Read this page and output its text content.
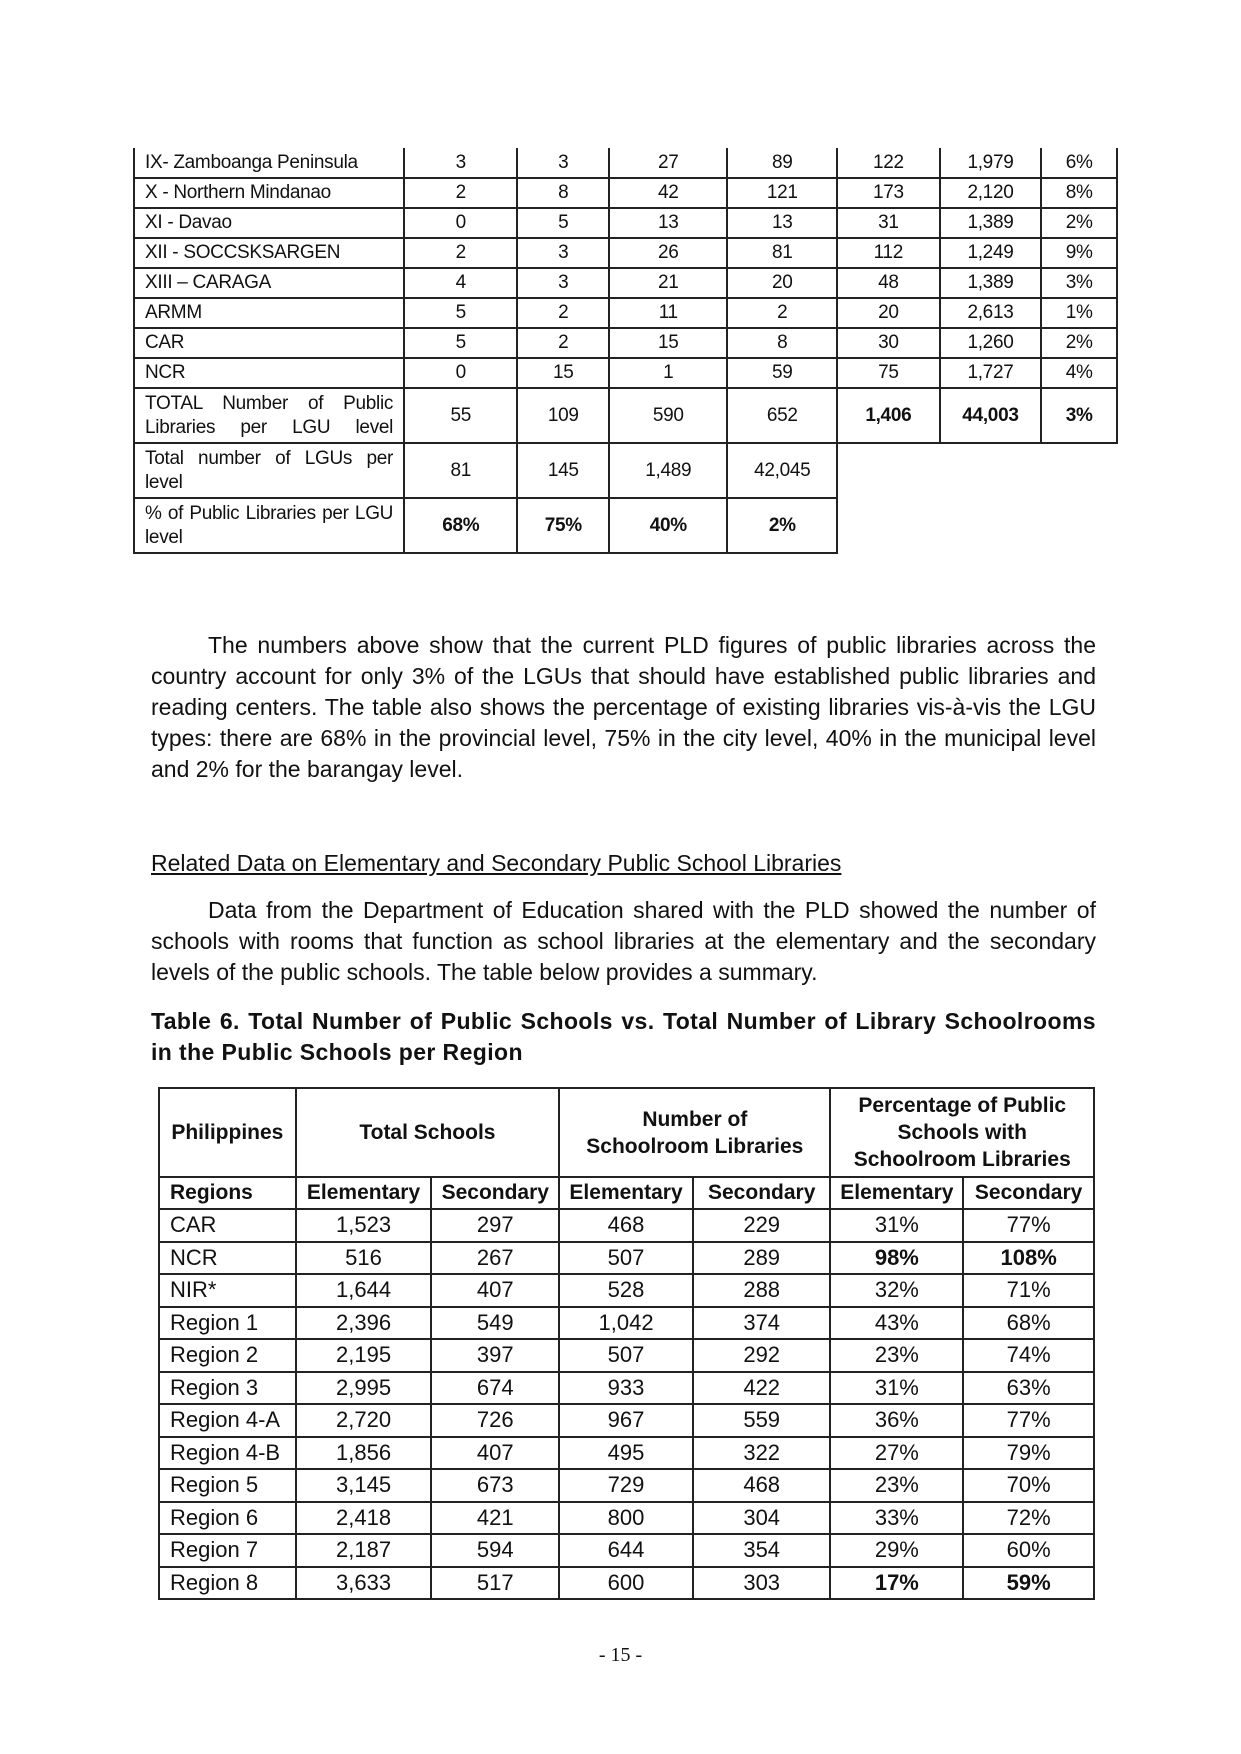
IX- Zamboanga Peninsula	3	3	27	89	122	1,979	6%
X - Northern Mindanao	2	8	42	121	173	2,120	8%
XI - Davao	0	5	13	13	31	1,389	2%
XII - SOCCSKSARGEN	2	3	26	81	112	1,249	9%
XIII – CARAGA	4	3	21	20	48	1,389	3%
ARMM	5	2	11	2	20	2,613	1%
CAR	5	2	15	8	30	1,260	2%
NCR	0	15	1	59	75	1,727	4%
TOTAL Number of Public Libraries per LGU level	55	109	590	652	1,406	44,003	3%
Total number of LGUs per level	81	145	1,489	42,045			
% of Public Libraries per LGU level	68%	75%	40%	2%			
The numbers above show that the current PLD figures of public libraries across the country account for only 3% of the LGUs that should have established public libraries and reading centers. The table also shows the percentage of existing libraries vis-à-vis the LGU types: there are 68% in the provincial level, 75% in the city level, 40% in the municipal level and 2% for the barangay level.
Related Data on Elementary and Secondary Public School Libraries
Data from the Department of Education shared with the PLD showed the number of schools with rooms that function as school libraries at the elementary and the secondary levels of the public schools. The table below provides a summary.
Table 6. Total Number of Public Schools vs. Total Number of Library Schoolrooms in the Public Schools per Region
Philippines	Total Schools		Number of Schoolroom Libraries		Percentage of Public Schools with Schoolroom Libraries	
Regions	Elementary	Secondary	Elementary	Secondary	Elementary	Secondary
CAR	1,523	297	468	229	31%	77%
NCR	516	267	507	289	98%	108%
NIR*	1,644	407	528	288	32%	71%
Region 1	2,396	549	1,042	374	43%	68%
Region 2	2,195	397	507	292	23%	74%
Region 3	2,995	674	933	422	31%	63%
Region 4-A	2,720	726	967	559	36%	77%
Region 4-B	1,856	407	495	322	27%	79%
Region 5	3,145	673	729	468	23%	70%
Region 6	2,418	421	800	304	33%	72%
Region 7	2,187	594	644	354	29%	60%
Region 8	3,633	517	600	303	17%	59%
- 15 -
